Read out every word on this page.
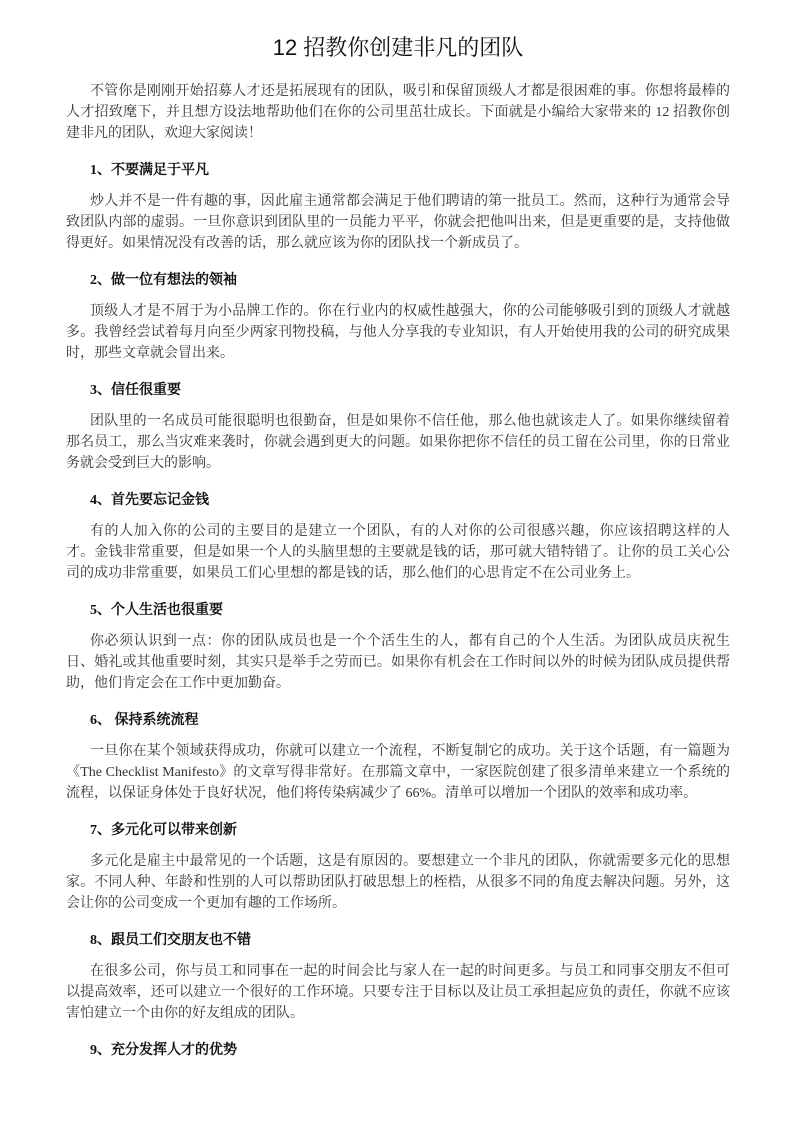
12 招教你创建非凡的团队

不管你是刚刚开始招募人才还是拓展现有的团队，吸引和保留顶级人才都是很困难的事。你想将最棒的人才招致麾下，并且想方设法地帮助他们在你的公司里茁壮成长。下面就是小编给大家带来的 12 招教你创建非凡的团队，欢迎大家阅读！

1、不要满足于平凡

炒人并不是一件有趣的事，因此雇主通常都会满足于他们聘请的第一批员工。然而，这种行为通常会导致团队内部的虚弱。一旦你意识到团队里的一员能力平平，你就会把他叫出来，但是更重要的是，支持他做得更好。如果情况没有改善的话，那么就应该为你的团队找一个新成员了。

2、做一位有想法的领袖

顶级人才是不屑于为小品牌工作的。你在行业内的权威性越强大，你的公司能够吸引到的顶级人才就越多。我曾经尝试着每月向至少两家刊物投稿，与他人分享我的专业知识，有人开始使用我的公司的研究成果时，那些文章就会冒出来。

3、信任很重要

团队里的一名成员可能很聪明也很勤奋，但是如果你不信任他，那么他也就该走人了。如果你继续留着那名员工，那么当灾难来袭时，你就会遇到更大的问题。如果你把你不信任的员工留在公司里，你的日常业务就会受到巨大的影响。

4、首先要忘记金钱

有的人加入你的公司的主要目的是建立一个团队，有的人对你的公司很感兴趣，你应该招聘这样的人才。金钱非常重要，但是如果一个人的头脑里想的主要就是钱的话，那可就大错特错了。让你的员工关心公司的成功非常重要，如果员工们心里想的都是钱的话，那么他们的心思肯定不在公司业务上。

5、个人生活也很重要

你必须认识到一点：你的团队成员也是一个个活生生的人，都有自己的个人生活。为团队成员庆祝生日、婚礼或其他重要时刻，其实只是举手之劳而已。如果你有机会在工作时间以外的时候为团队成员提供帮助，他们肯定会在工作中更加勤奋。

6、 保持系统流程

一旦你在某个领域获得成功，你就可以建立一个流程，不断复制它的成功。关于这个话题，有一篇题为《The Checklist Manifesto》的文章写得非常好。在那篇文章中，一家医院创建了很多清单来建立一个系统的流程，以保证身体处于良好状况，他们将传染病减少了 66%。清单可以增加一个团队的效率和成功率。

7、多元化可以带来创新

多元化是雇主中最常见的一个话题，这是有原因的。要想建立一个非凡的团队，你就需要多元化的思想家。不同人种、年龄和性别的人可以帮助团队打破思想上的桎梏，从很多不同的角度去解决问题。另外，这会让你的公司变成一个更加有趣的工作场所。

8、跟员工们交朋友也不错

在很多公司，你与员工和同事在一起的时间会比与家人在一起的时间更多。与员工和同事交朋友不但可以提高效率，还可以建立一个很好的工作环境。只要专注于目标以及让员工承担起应负的责任，你就不应该害怕建立一个由你的好友组成的团队。

9、充分发挥人才的优势
